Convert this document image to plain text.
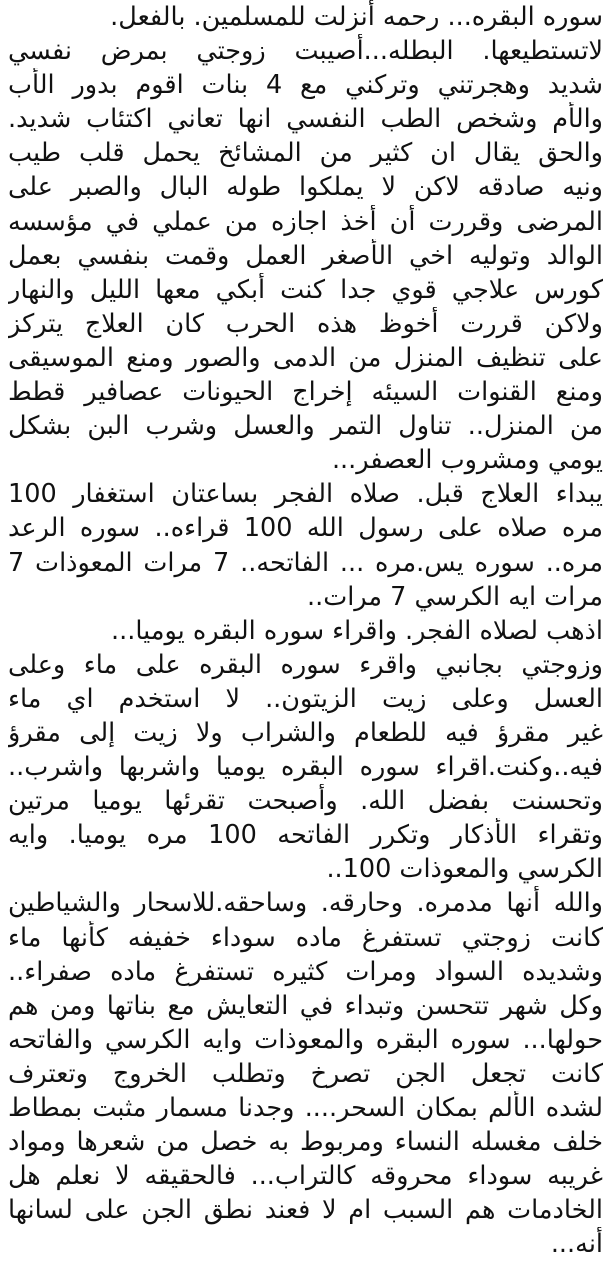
سوره البقره... رحمه أنزلت للمسلمين. بالفعل.
لاتستطيعها. البطله...أصيبت زوجتي بمرض نفسي
شديد وهجرتني وتركني مع 4 بنات اقوم بدور الأب
والأم وشخص الطب النفسي انها تعاني اكتئاب شديد.
والحق يقال ان كثير من المشائخ يحمل قلب طيب
ونيه صادقه لاكن لا يملكوا طوله البال والصبر على
المرضى وقررت أن أخذ اجازه من عملي في مؤسسه
الوالد وتوليه اخي الأصغر العمل وقمت بنفسي بعمل
كورس علاجي قوي جدا كنت أبكي معها الليل والنهار
ولاكن قررت أخوظ هذه الحرب كان العلاج يتركز
على تنظيف المنزل من الدمى والصور ومنع الموسيقى
ومنع القنوات السيئه إخراج الحيونات عصافير قطط
من المنزل.. تناول التمر والعسل وشرب البن بشكل
يومي ومشروب العصفر...
يبداء العلاج قبل. صلاه الفجر بساعتان استغفار 100
مره صلاه على رسول الله 100 قراءه.. سوره الرعد
مره.. سوره يس.مره ... الفاتحه.. 7 مرات المعوذات 7
مرات ايه الكرسي 7 مرات..
اذهب لصلاه الفجر. واقراء سوره البقره يوميا...
وزوجتي بجانبي واقرء سوره البقره على ماء وعلى
العسل وعلى زيت الزيتون.. لا استخدم اي ماء
غير مقرؤ فيه للطعام والشراب ولا زيت إلى مقرؤ
فيه..وكنت.اقراء سوره البقره يوميا واشربها واشرب..
وتحسنت بفضل الله. وأصبحت تقرئها يوميا مرتين
وتقراء الأذكار وتكرر الفاتحه 100 مره يوميا. وايه
الكرسي والمعوذات 100..
والله أنها مدمره. وحارقه. وساحقه.للاسحار والشياطين
كانت زوجتي تستفرغ ماده سوداء خفيفه كأنها ماء
وشديده السواد ومرات كثيره تستفرغ ماده صفراء..
وكل شهر تتحسن وتبداء في التعايش مع بناتها ومن هم
حولها... سوره البقره والمعوذات وايه الكرسي والفاتحه
كانت تجعل الجن تصرخ وتطلب الخروج وتعترف
لشده الألم بمكان السحر.... وجدنا مسمار مثبت بمطاط
خلف مغسله النساء ومربوط به خصل من شعرها ومواد
غريبه سوداء محروقه كالتراب... فالحقيقه لا نعلم هل
الخادمات هم السبب ام لا فعند نطق الجن على لسانها
أنه...
